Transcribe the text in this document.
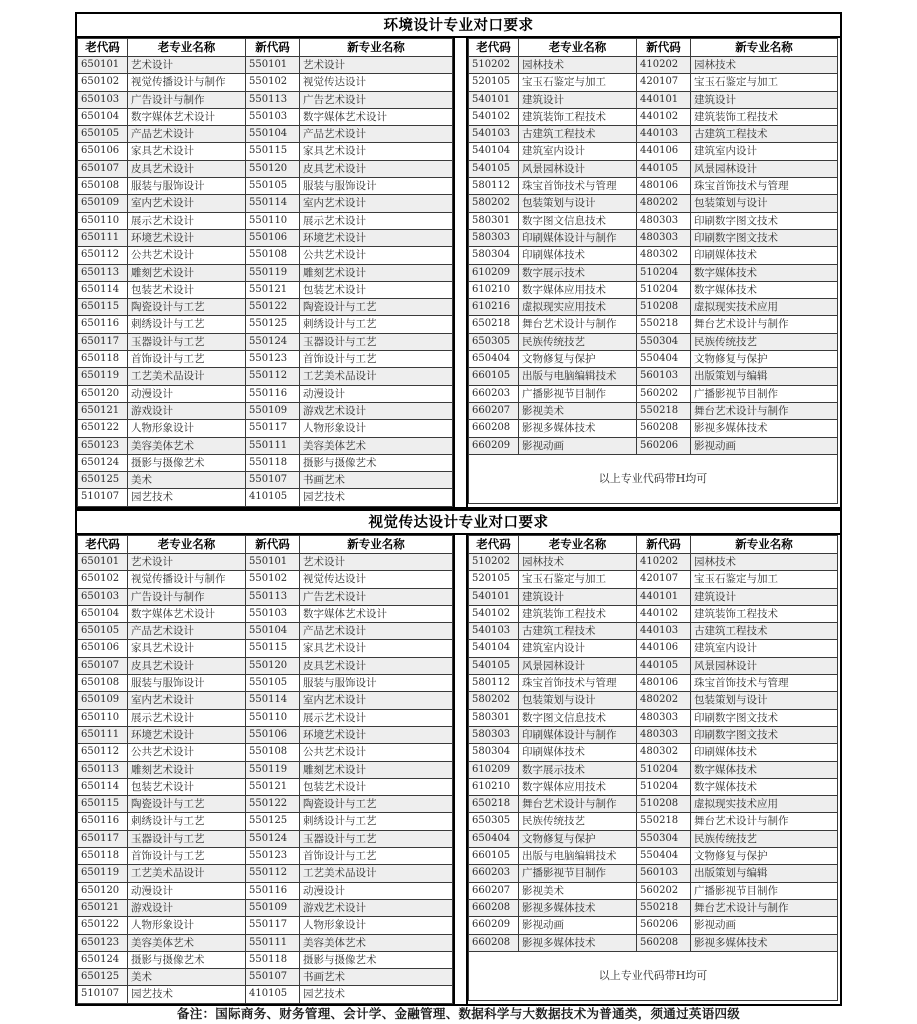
环境设计专业对口要求
老代码	老专业名称	新代码	新专业名称
650101	艺术设计	550101	艺术设计
650102	视觉传播设计与制作	550102	视觉传达设计
650103	广告设计与制作	550113	广告艺术设计
650104	数字媒体艺术设计	550103	数字媒体艺术设计
650105	产品艺术设计	550104	产品艺术设计
650106	家具艺术设计	550115	家具艺术设计
650107	皮具艺术设计	550120	皮具艺术设计
650108	服装与服饰设计	550105	服装与服饰设计
650109	室内艺术设计	550114	室内艺术设计
650110	展示艺术设计	550110	展示艺术设计
650111	环境艺术设计	550106	环境艺术设计
650112	公共艺术设计	550108	公共艺术设计
650113	雕刻艺术设计	550119	雕刻艺术设计
650114	包装艺术设计	550121	包装艺术设计
650115	陶瓷设计与工艺	550122	陶瓷设计与工艺
650116	刺绣设计与工艺	550125	刺绣设计与工艺
650117	玉器设计与工艺	550124	玉器设计与工艺
650118	首饰设计与工艺	550123	首饰设计与工艺
650119	工艺美术品设计	550112	工艺美术品设计
650120	动漫设计	550116	动漫设计
650121	游戏设计	550109	游戏艺术设计
650122	人物形象设计	550117	人物形象设计
650123	美容美体艺术	550111	美容美体艺术
650124	摄影与摄像艺术	550118	摄影与摄像艺术
650125	美术	550107	书画艺术
510107	园艺技术	410105	园艺技术
老代码	老专业名称	新代码	新专业名称
510202	园林技术	410202	园林技术
520105	宝玉石鉴定与加工	420107	宝玉石鉴定与加工
540101	建筑设计	440101	建筑设计
540102	建筑装饰工程技术	440102	建筑装饰工程技术
540103	古建筑工程技术	440103	古建筑工程技术
540104	建筑室内设计	440106	建筑室内设计
540105	风景园林设计	440105	风景园林设计
580112	珠宝首饰技术与管理	480106	珠宝首饰技术与管理
580202	包装策划与设计	480202	包装策划与设计
580301	数字图文信息技术	480303	印刷数字图文技术
580303	印刷媒体设计与制作	480303	印刷数字图文技术
580304	印刷媒体技术	480302	印刷媒体技术
610209	数字展示技术	510204	数字媒体技术
610210	数字媒体应用技术	510204	数字媒体技术
610216	虚拟现实应用技术	510208	虚拟现实技术应用
650218	舞台艺术设计与制作	550218	舞台艺术设计与制作
650305	民族传统技艺	550304	民族传统技艺
650404	文物修复与保护	550404	文物修复与保护
660105	出版与电脑编辑技术	560103	出版策划与编辑
660203	广播影视节目制作	560202	广播影视节目制作
660207	影视美术	550218	舞台艺术设计与制作
660208	影视多媒体技术	560208	影视多媒体技术
660209	影视动画	560206	影视动画
以上专业代码带H均可			
视觉传达设计专业对口要求
老代码	老专业名称	新代码	新专业名称
650101	艺术设计	550101	艺术设计
650102	视觉传播设计与制作	550102	视觉传达设计
650103	广告设计与制作	550113	广告艺术设计
650104	数字媒体艺术设计	550103	数字媒体艺术设计
650105	产品艺术设计	550104	产品艺术设计
650106	家具艺术设计	550115	家具艺术设计
650107	皮具艺术设计	550120	皮具艺术设计
650108	服装与服饰设计	550105	服装与服饰设计
650109	室内艺术设计	550114	室内艺术设计
650110	展示艺术设计	550110	展示艺术设计
650111	环境艺术设计	550106	环境艺术设计
650112	公共艺术设计	550108	公共艺术设计
650113	雕刻艺术设计	550119	雕刻艺术设计
650114	包装艺术设计	550121	包装艺术设计
650115	陶瓷设计与工艺	550122	陶瓷设计与工艺
650116	刺绣设计与工艺	550125	刺绣设计与工艺
650117	玉器设计与工艺	550124	玉器设计与工艺
650118	首饰设计与工艺	550123	首饰设计与工艺
650119	工艺美术品设计	550112	工艺美术品设计
650120	动漫设计	550116	动漫设计
650121	游戏设计	550109	游戏艺术设计
650122	人物形象设计	550117	人物形象设计
650123	美容美体艺术	550111	美容美体艺术
650124	摄影与摄像艺术	550118	摄影与摄像艺术
650125	美术	550107	书画艺术
510107	园艺技术	410105	园艺技术
老代码	老专业名称	新代码	新专业名称
510202	园林技术	410202	园林技术
520105	宝玉石鉴定与加工	420107	宝玉石鉴定与加工
540101	建筑设计	440101	建筑设计
540102	建筑装饰工程技术	440102	建筑装饰工程技术
540103	古建筑工程技术	440103	古建筑工程技术
540104	建筑室内设计	440106	建筑室内设计
540105	风景园林设计	440105	风景园林设计
580112	珠宝首饰技术与管理	480106	珠宝首饰技术与管理
580202	包装策划与设计	480202	包装策划与设计
580301	数字图文信息技术	480303	印刷数字图文技术
580303	印刷媒体设计与制作	480303	印刷数字图文技术
580304	印刷媒体技术	480302	印刷媒体技术
610209	数字展示技术	510204	数字媒体技术
610210	数字媒体应用技术	510204	数字媒体技术
650218	舞台艺术设计与制作	510208	虚拟现实技术应用
650305	民族传统技艺	550218	舞台艺术设计与制作
650404	文物修复与保护	550304	民族传统技艺
660105	出版与电脑编辑技术	550404	文物修复与保护
660203	广播影视节目制作	560103	出版策划与编辑
660207	影视美术	560202	广播影视节目制作
660208	影视多媒体技术	550218	舞台艺术设计与制作
660209	影视动画	560206	影视动画
660208	影视多媒体技术	560208	影视多媒体技术
以上专业代码带H均可			
备注：国际商务、财务管理、会计学、金融管理、数据科学与大数据技术为普通类，须通过英语四级
